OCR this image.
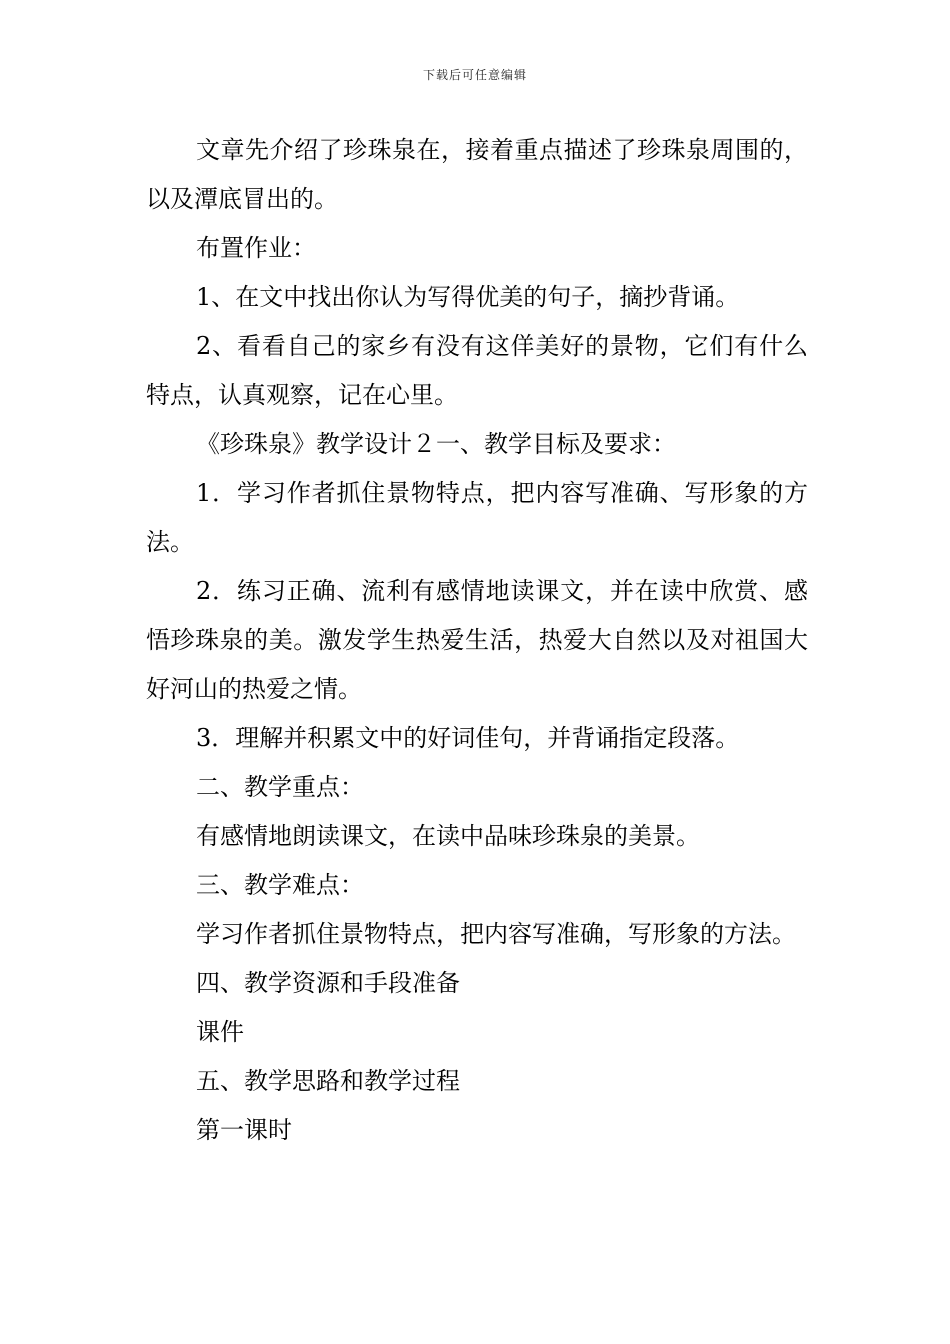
下载后可任意编辑

文章先介绍了珍珠泉在，接着重点描述了珍珠泉周围的，以及潭底冒出的。

布置作业：

1、在文中找出你认为写得优美的句子，摘抄背诵。

2、看看自己的家乡有没有这佯美好的景物，它们有什么特点，认真观察，记在心里。

《珍珠泉》教学设计２一、教学目标及要求：

1．学习作者抓住景物特点，把内容写准确、写形象的方法。

2．练习正确、流利有感情地读课文，并在读中欣赏、感悟珍珠泉的美。激发学生热爱生活，热爱大自然以及对祖国大好河山的热爱之情。

3．理解并积累文中的好词佳句，并背诵指定段落。

二、教学重点：

有感情地朗读课文，在读中品味珍珠泉的美景。

三、教学难点：

学习作者抓住景物特点，把内容写准确，写形象的方法。

四、教学资源和手段准备

课件

五、教学思路和教学过程

第一课时
